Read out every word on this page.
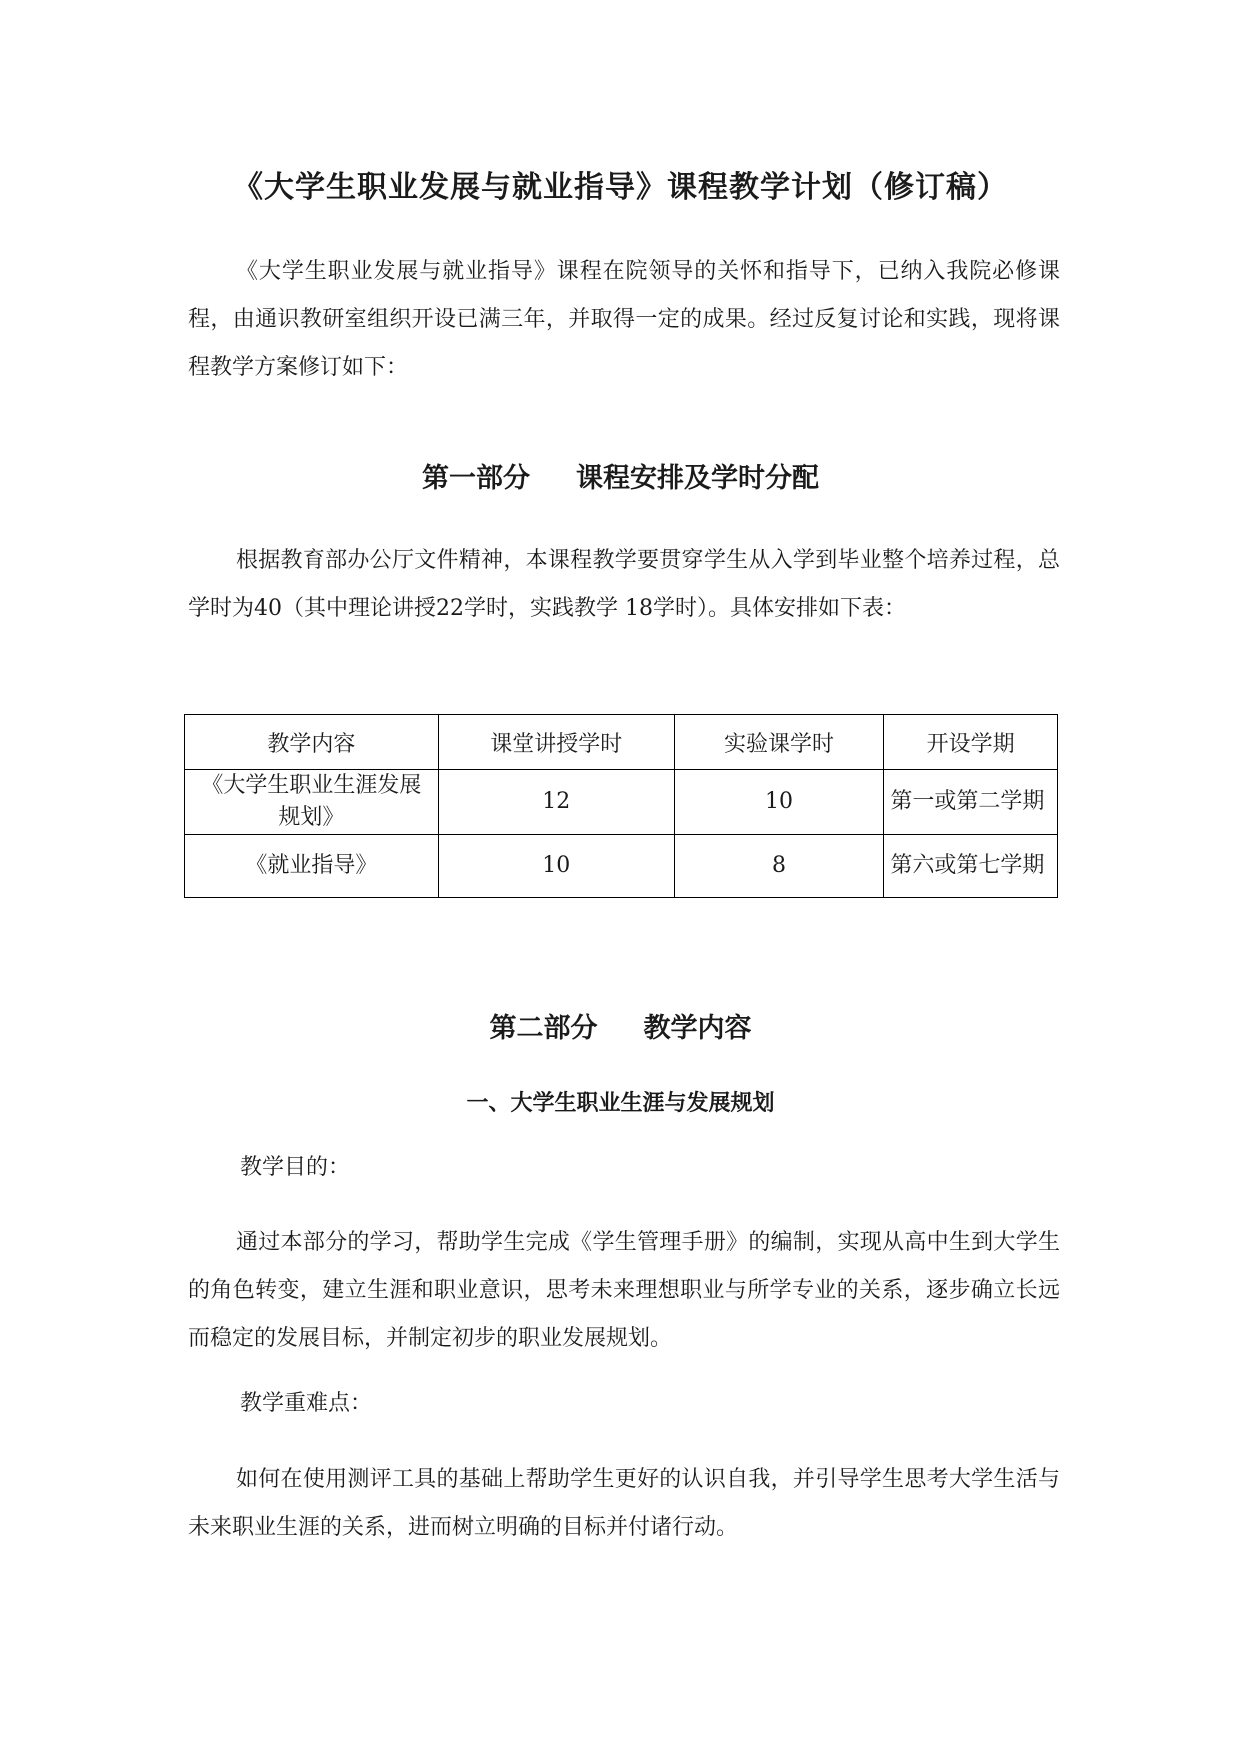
《大学生职业发展与就业指导》课程教学计划（修订稿）
《大学生职业发展与就业指导》课程在院领导的关怀和指导下，已纳入我院必修课程，由通识教研室组织开设已满三年，并取得一定的成果。经过反复讨论和实践，现将课程教学方案修订如下：
第一部分 课程安排及学时分配
根据教育部办公厅文件精神，本课程教学要贯穿学生从入学到毕业整个培养过程，总学时为40（其中理论讲授22学时，实践教学 18学时）。具体安排如下表：
教学内容	课堂讲授学时	实验课学时	开设学期
《大学生职业生涯发展规划》	12	10	第一或第二学期
《就业指导》	10	8	第六或第七学期
第二部分 教学内容
一、大学生职业生涯与发展规划
教学目的：
通过本部分的学习，帮助学生完成《学生管理手册》的编制，实现从高中生到大学生的角色转变，建立生涯和职业意识，思考未来理想职业与所学专业的关系，逐步确立长远而稳定的发展目标，并制定初步的职业发展规划。
教学重难点：
如何在使用测评工具的基础上帮助学生更好的认识自我，并引导学生思考大学生活与未来职业生涯的关系，进而树立明确的目标并付诸行动。
